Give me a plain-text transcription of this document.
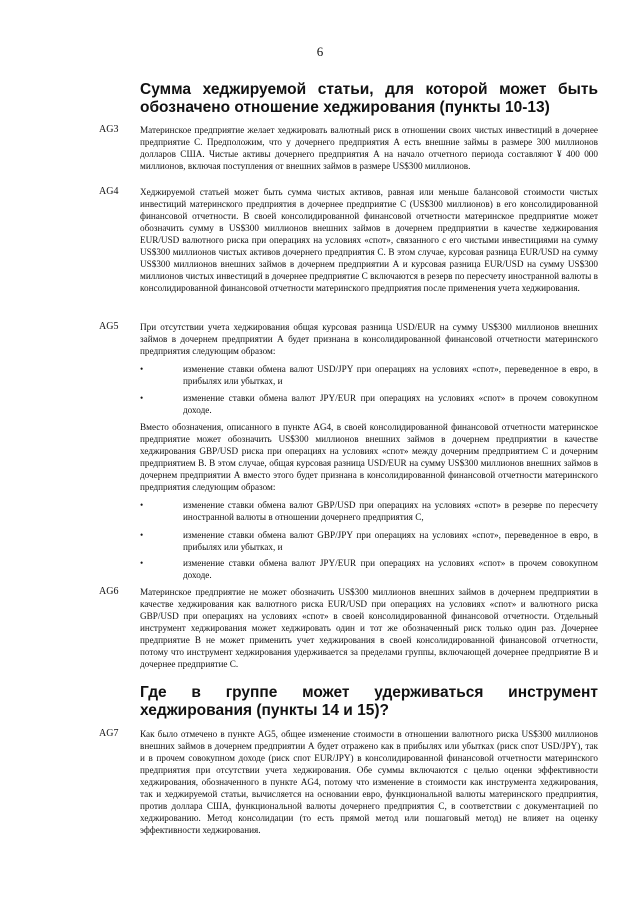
6
Сумма хеджируемой статьи, для которой может быть обозначено отношение хеджирования (пункты 10-13)
AG3 Материнское предприятие желает хеджировать валютный риск в отношении своих чистых инвестиций в дочернее предприятие С. Предположим, что у дочернего предприятия А есть внешние займы в размере 300 миллионов долларов США. Чистые активы дочернего предприятия А на начало отчетного периода составляют ¥ 400 000 миллионов, включая поступления от внешних займов в размере US$300 миллионов.
AG4 Хеджируемой статьей может быть сумма чистых активов, равная или меньше балансовой стоимости чистых инвестиций материнского предприятия в дочернее предприятие С (US$300 миллионов) в его консолидированной финансовой отчетности. В своей консолидированной финансовой отчетности материнское предприятие может обозначить сумму в US$300 миллионов внешних займов в дочернем предприятии в качестве хеджирования EUR/USD валютного риска при операциях на условиях «спот», связанного с его чистыми инвестициями на сумму US$300 миллионов чистых активов дочернего предприятия С. В этом случае, курсовая разница EUR/USD на сумму US$300 миллионов внешних займов в дочернем предприятии А и курсовая разница EUR/USD на сумму US$300 миллионов чистых инвестиций в дочернее предприятие С включаются в резерв по пересчету иностранной валюты в консолидированной финансовой отчетности материнского предприятия после применения учета хеджирования.
AG5 При отсутствии учета хеджирования общая курсовая разница USD/EUR на сумму US$300 миллионов внешних займов в дочернем предприятии А будет признана в консолидированной финансовой отчетности материнского предприятия следующим образом:
•	изменение ставки обмена валют USD/JPY при операциях на условиях «спот», переведенное в евро, в прибылях или убытках, и
•	изменение ставки обмена валют JPY/EUR при операциях на условиях «спот» в прочем совокупном доходе.
Вместо обозначения, описанного в пункте AG4, в своей консолидированной финансовой отчетности материнское предприятие может обозначить US$300 миллионов внешних займов в дочернем предприятии в качестве хеджирования GBP/USD риска при операциях на условиях «спот» между дочерним предприятием С и дочерним предприятием В. В этом случае, общая курсовая разница USD/EUR на сумму US$300 миллионов внешних займов в дочернем предприятии А вместо этого будет признана в консолидированной финансовой отчетности материнского предприятия следующим образом:
•	изменение ставки обмена валют GBP/USD при операциях на условиях «спот» в резерве по пересчету иностранной валюты в отношении дочернего предприятия С,
•	изменение ставки обмена валют GBP/JPY при операциях на условиях «спот», переведенное в евро, в прибылях или убытках, и
•	изменение ставки обмена валют JPY/EUR при операциях на условиях «спот» в прочем совокупном доходе.
AG6 Материнское предприятие не может обозначить US$300 миллионов внешних займов в дочернем предприятии в качестве хеджирования как валютного риска EUR/USD при операциях на условиях «спот» и валютного риска GBP/USD при операциях на условиях «спот» в своей консолидированной финансовой отчетности. Отдельный инструмент хеджирования может хеджировать один и тот же обозначенный риск только один раз. Дочернее предприятие В не может применить учет хеджирования в своей консолидированной финансовой отчетности, потому что инструмент хеджирования удерживается за пределами группы, включающей дочернее предприятие В и дочернее предприятие С.
Где в группе может удерживаться инструмент хеджирования (пункты 14 и 15)?
AG7 Как было отмечено в пункте AG5, общее изменение стоимости в отношении валютного риска US$300 миллионов внешних займов в дочернем предприятии А будет отражено как в прибылях или убытках (риск спот USD/JPY), так и в прочем совокупном доходе (риск спот EUR/JPY) в консолидированной финансовой отчетности материнского предприятия при отсутствии учета хеджирования. Обе суммы включаются с целью оценки эффективности хеджирования, обозначенного в пункте AG4, потому что изменение в стоимости как инструмента хеджирования, так и хеджируемой статьи, вычисляется на основании евро, функциональной валюты материнского предприятия, против доллара США, функциональной валюты дочернего предприятия С, в соответствии с документацией по хеджированию. Метод консолидации (то есть прямой метод или пошаговый метод) не влияет на оценку эффективности хеджирования.
